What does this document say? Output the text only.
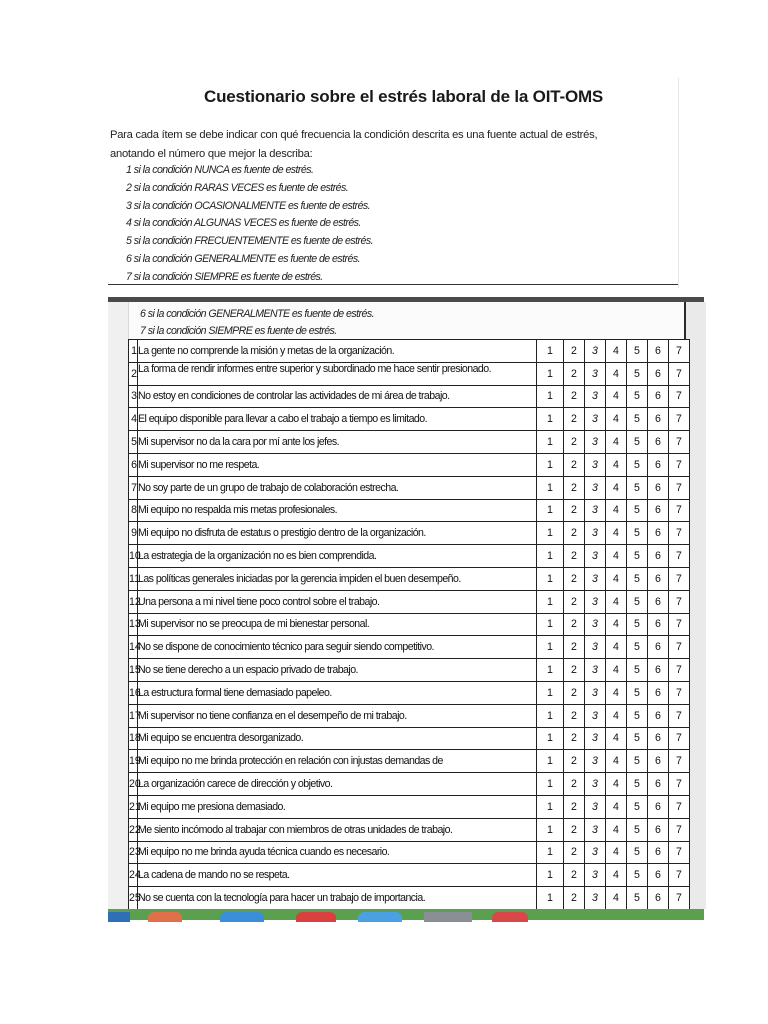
Cuestionario sobre el estrés laboral de la OIT-OMS
Para cada ítem se debe indicar con qué frecuencia la condición descrita es una fuente actual de estrés,
anotando el número que mejor la describa:
1 si la condición NUNCA es fuente de estrés.
2 si la condición RARAS VECES es fuente de estrés.
3 si la condición OCASIONALMENTE es fuente de estrés.
4 si la condición ALGUNAS VECES es fuente de estrés.
5 si la condición FRECUENTEMENTE es fuente de estrés.
6 si la condición GENERALMENTE es fuente de estrés.
7 si la condición SIEMPRE es fuente de estrés.
6 si la condición GENERALMENTE es fuente de estrés.
7 si la condición SIEMPRE es fuente de estrés.
1	La gente no comprende la misión y metas de la organización.	1	2	3	4	5	6	7
2	La forma de rendir informes entre superior y subordinado me hace sentir presionado.	1	2	3	4	5	6	7
3	No estoy en condiciones de controlar las actividades de mi área de trabajo.	1	2	3	4	5	6	7
4	El equipo disponible para llevar a cabo el trabajo a tiempo es limitado.	1	2	3	4	5	6	7
5	Mi supervisor no da la cara por mí ante los jefes.	1	2	3	4	5	6	7
6	Mi supervisor no me respeta.	1	2	3	4	5	6	7
7	No soy parte de un grupo de trabajo de colaboración estrecha.	1	2	3	4	5	6	7
8	Mi equipo no respalda mis metas profesionales.	1	2	3	4	5	6	7
9	Mi equipo no disfruta de estatus o prestigio dentro de la organización.	1	2	3	4	5	6	7
10	La estrategia de la organización no es bien comprendida.	1	2	3	4	5	6	7
11	Las políticas generales iniciadas por la gerencia impiden el buen desempeño.	1	2	3	4	5	6	7
12	Una persona a mi nivel tiene poco control sobre el trabajo.	1	2	3	4	5	6	7
13	Mi supervisor no se preocupa de mi bienestar personal.	1	2	3	4	5	6	7
14	No se dispone de conocimiento técnico para seguir siendo competitivo.	1	2	3	4	5	6	7
15	No se tiene derecho a un espacio privado de trabajo.	1	2	3	4	5	6	7
16	La estructura formal tiene demasiado papeleo.	1	2	3	4	5	6	7
17	Mi supervisor no tiene confianza en el desempeño de mi trabajo.	1	2	3	4	5	6	7
18	Mi equipo se encuentra desorganizado.	1	2	3	4	5	6	7
19	Mi equipo no me brinda protección en relación con injustas demandas de	1	2	3	4	5	6	7
20	La organización carece de dirección y objetivo.	1	2	3	4	5	6	7
21	Mi equipo me presiona demasiado.	1	2	3	4	5	6	7
22	Me siento incómodo al trabajar con miembros de otras unidades de trabajo.	1	2	3	4	5	6	7
23	Mi equipo no me brinda ayuda técnica cuando es necesario.	1	2	3	4	5	6	7
24	La cadena de mando no se respeta.	1	2	3	4	5	6	7
25	No se cuenta con la tecnología para hacer un trabajo de importancia.	1	2	3	4	5	6	7
